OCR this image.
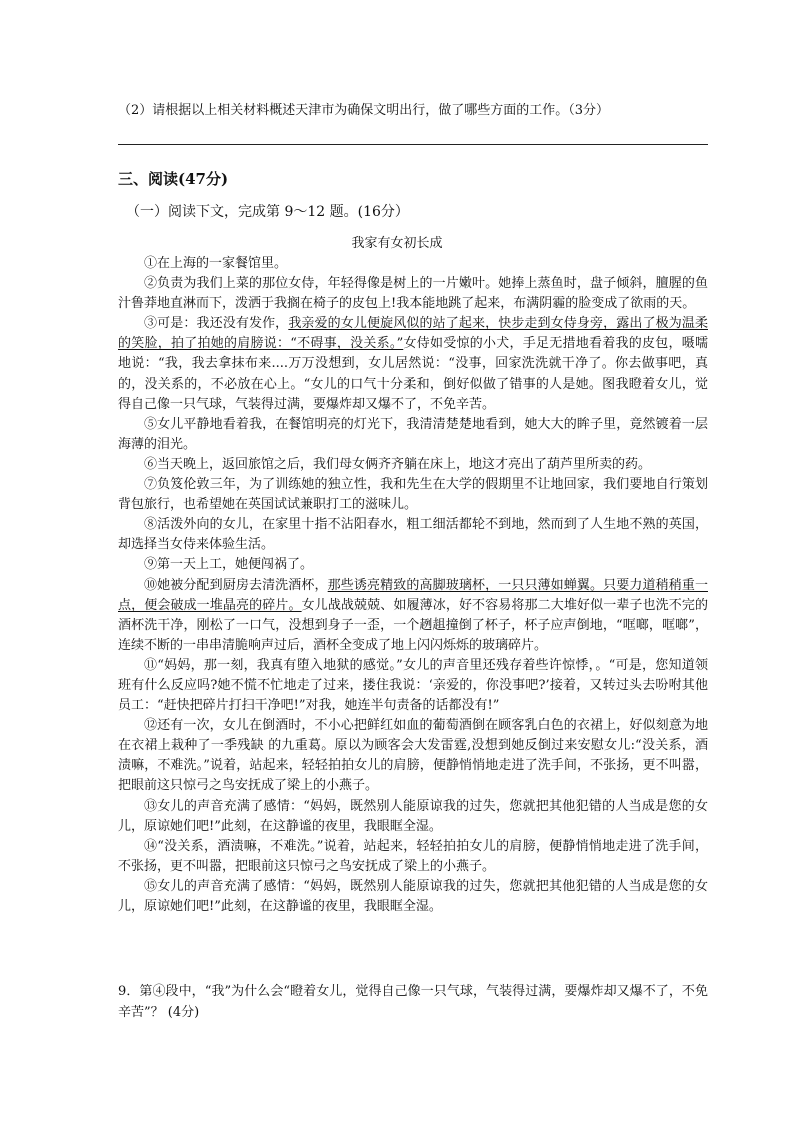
（2）请根据以上相关材料概述天津市为确保文明出行，做了哪些方面的工作。（3分）
三、阅读(47分)
（一）阅读下文，完成第 9～12 题。(16分）
我家有女初长成

①在上海的一家餐馆里。

②负责为我们上菜的那位女侍，年轻得像是树上的一片嫩叶。她捧上蒸鱼时，盘子倾斜，膻腥的鱼汁鲁莽地直淋而下，泼洒于我搁在椅子的皮包上!我本能地跳了起来，布满阴霾的脸变成了欲雨的天。

③可是：我还没有发作，我亲爱的女儿便旋风似的站了起来，快步走到女侍身旁，露出了极为温柔的笑脸，拍了拍她的肩膀说：“不碍事，没关系。”女侍如受惊的小犬，手足无措地看着我的皮包，嗫嚅地说：“我，我去拿抹布来....万万没想到，女儿居然说：“没事，回家洗洗就干净了。你去做事吧，真的，没关系的，不必放在心上。“女儿的口气十分柔和，倒好似做了错事的人是她。图我瞪着女儿，觉得自己像一只气球，气装得过满，要爆炸却又爆不了，不免辛苦。

⑤女儿平静地看着我，在餐馆明亮的灯光下，我清清楚楚地看到，她大大的眸子里，竟然镀着一层海薄的泪光。

⑥当天晚上，返回旅馆之后，我们母女俩齐齐躺在床上，地这才亮出了葫芦里所卖的药。

⑦负笈伦敦三年，为了训练她的独立性，我和先生在大学的假期里不让地回家，我们要地自行策划背包旅行，也希望她在英国试试兼职打工的滋味儿。

⑧活泼外向的女儿，在家里十指不沾阳春水，粗工细活都轮不到地，然而到了人生地不熟的英国，却选择当女侍来体验生活。

⑨第一天上工，她便闯祸了。

⑩她被分配到厨房去清洗酒杯，那些诱亮精致的高脚玻璃杯，一只只薄如蝉翼。只要力道稍稍重一点，便会破成一堆晶亮的碎片。女儿战战兢兢、如履薄冰，好不容易将那二大堆好似一辈子也洗不完的酒杯洗干净，刚松了一口气，没想到身子一歪，一个趔趄撞倒了杯子，杯子应声倒地，“哐啷，哐啷”，连续不断的一串串清脆响声过后，酒杯全变成了地上闪闪烁烁的玻璃碎片。

⑪“妈妈，那一刻，我真有堕入地狱的感觉。”女儿的声音里还残存着些许惊悸，。“可是，您知道领班有什么反应吗?她不慌不忙地走了过来，搂住我说：‘亲爱的，你没事吧?’接着，又转过头去吩咐其他员工：“赶快把碎片打扫干净吧!”对我，她连半句责备的话都没有!”

⑫还有一次，女儿在倒酒时，不小心把鲜红如血的葡萄酒倒在顾客乳白色的衣裙上，好似刻意为地在衣裙上栽种了一季残缺 的九重葛。原以为顾客会大发雷霆,没想到她反倒过来安慰女儿:“没关系，酒渍嘛，不难洗。”说着，站起来，轻轻拍拍女儿的肩膀，便静悄悄地走进了洗手间，不张扬，更不叫嚣，把眼前这只惊弓之鸟安抚成了梁上的小燕子。

⑬女儿的声音充满了感情：“妈妈，既然别人能原谅我的过失，您就把其他犯错的人当成是您的女儿，原谅她们吧!”此刻，在这静谧的夜里，我眼眶全湿。

⑭“没关系，酒渍嘛，不难洗。”说着，站起来，轻轻拍拍女儿的肩膀，便静悄悄地走进了洗手间，不张扬，更不叫嚣，把眼前这只惊弓之鸟安抚成了梁上的小燕子。

⑮女儿的声音充满了感情：“妈妈，既然别人能原谅我的过失，您就把其他犯错的人当成是您的女儿，原谅她们吧!”此刻，在这静谧的夜里，我眼眶全湿。

9．第④段中，“我”为什么会“瞪着女儿，觉得自己像一只气球，气装得过满，要爆炸却又爆不了，不免辛苦”？ (4分)
